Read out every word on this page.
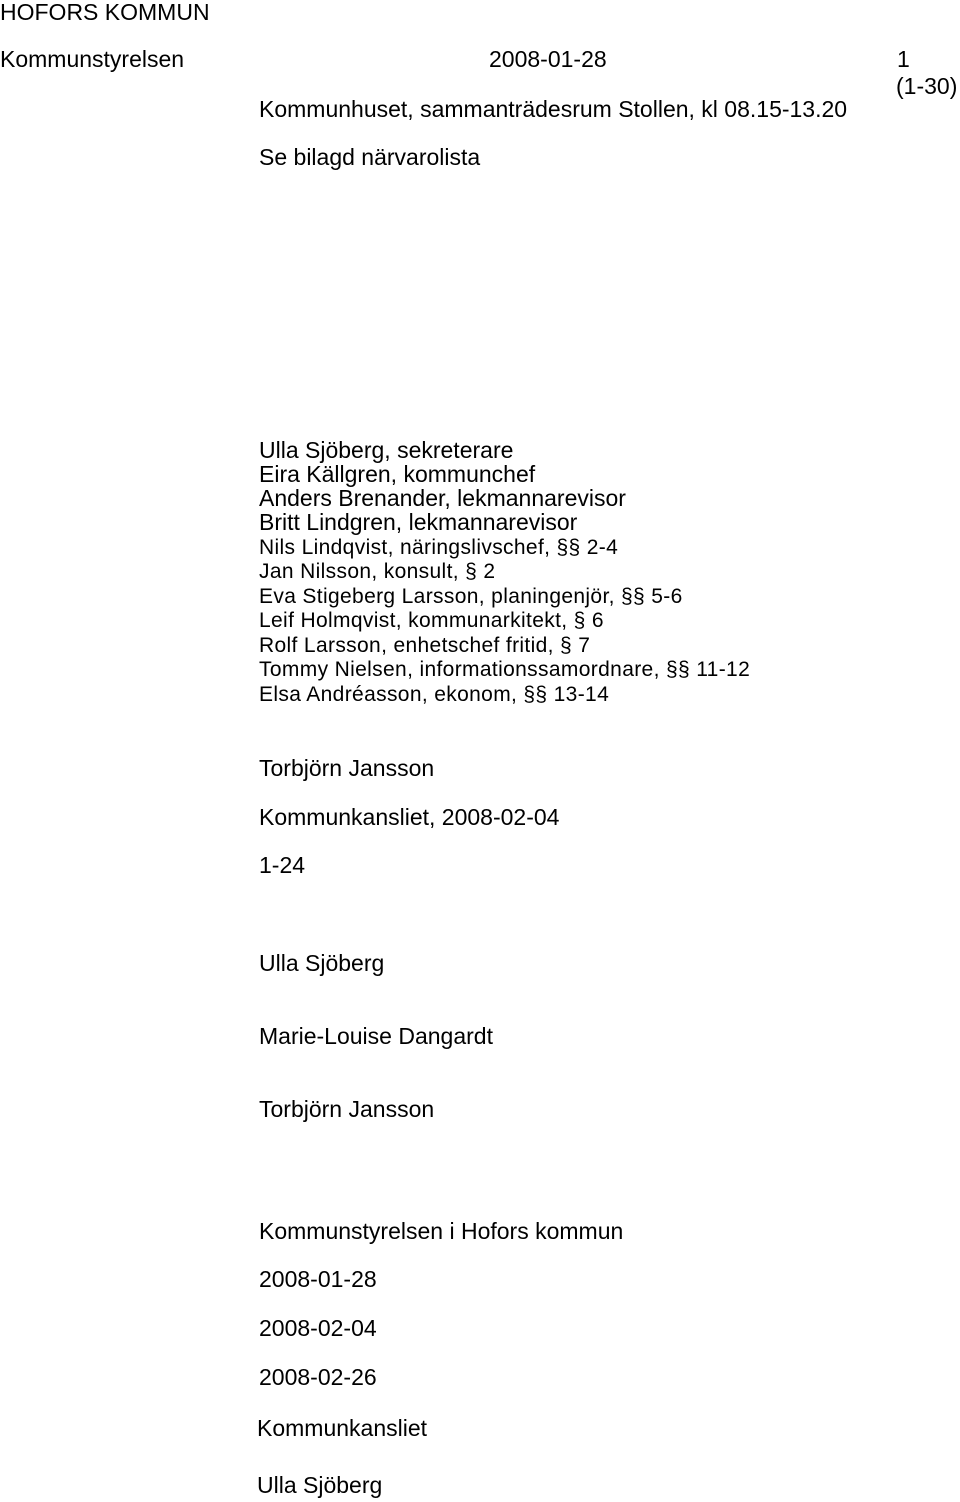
HOFORS KOMMUN
Kommunstyrelsen	2008-01-28	1
(1-30)
Kommunhuset, sammanträdesrum Stollen, kl 08.15-13.20
Se bilagd närvarolista
Ulla Sjöberg, sekreterare
Eira Källgren, kommunchef
Anders Brenander, lekmannarevisor
Britt Lindgren, lekmannarevisor
Nils Lindqvist, näringslivschef, §§ 2-4
Jan Nilsson, konsult, § 2
Eva Stigeberg Larsson, planingenjör, §§ 5-6
Leif Holmqvist, kommunarkitekt, § 6
Rolf Larsson, enhetschef fritid, § 7
Tommy Nielsen, informationssamordnare, §§ 11-12
Elsa Andréasson, ekonom, §§ 13-14
Torbjörn Jansson
Kommunkansliet, 2008-02-04
1-24
Ulla Sjöberg
Marie-Louise Dangardt
Torbjörn Jansson
Kommunstyrelsen i Hofors kommun
2008-01-28
2008-02-04
2008-02-26
Kommunkansliet
Ulla Sjöberg
